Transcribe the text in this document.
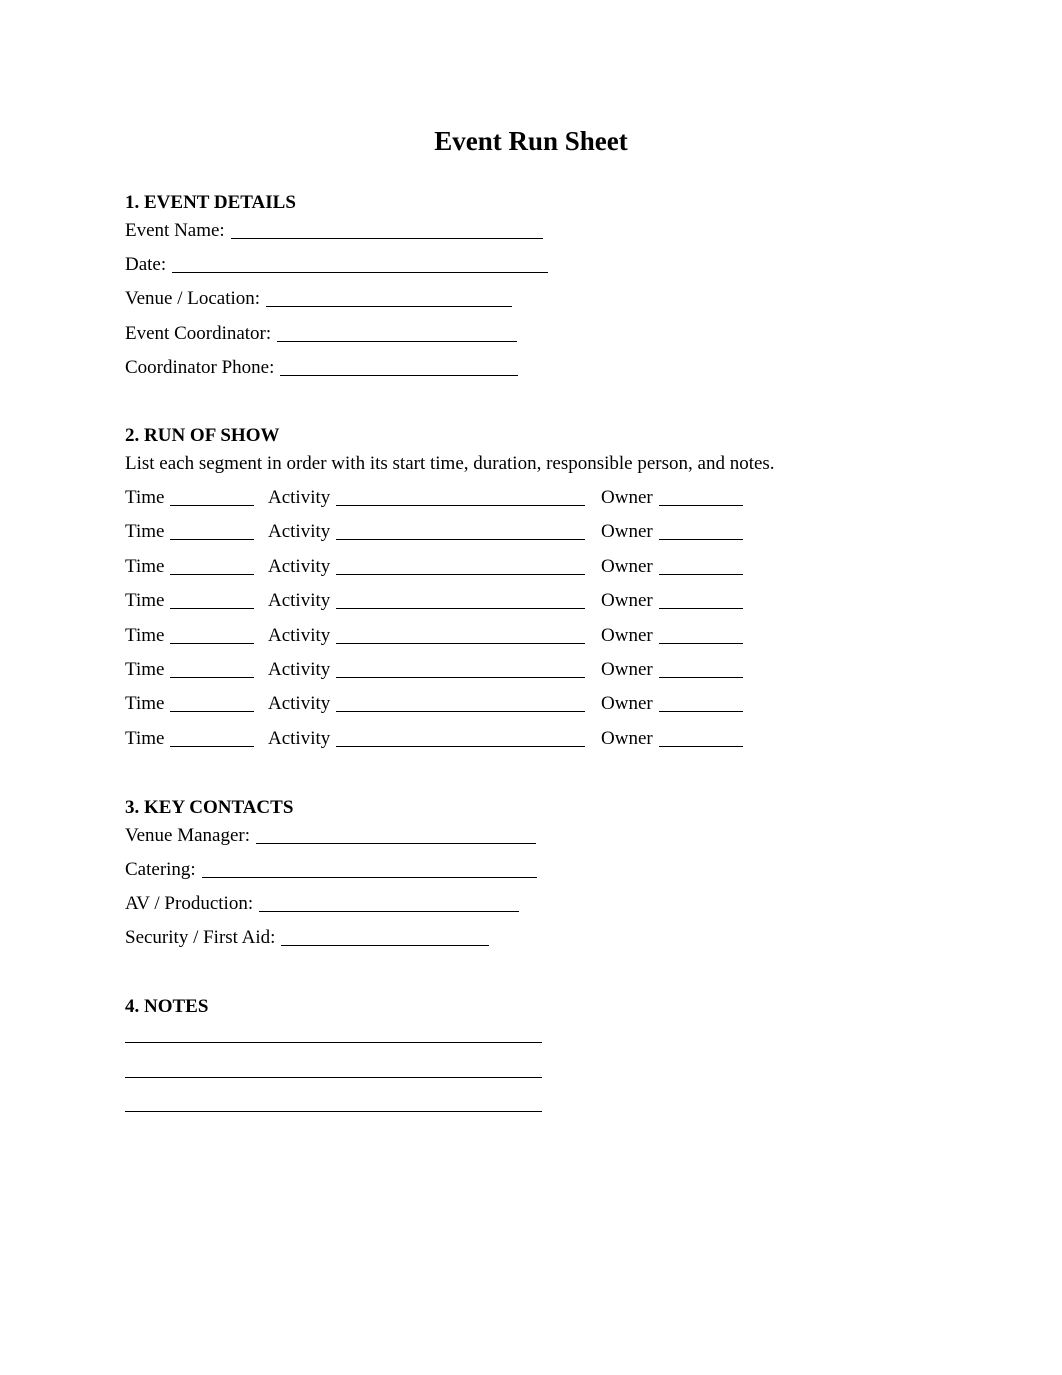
Event Run Sheet
1. EVENT DETAILS
Event Name:
Date:
Venue / Location:
Event Coordinator:
Coordinator Phone:
2. RUN OF SHOW
List each segment in order with its start time, duration, responsible person, and notes.
Time	Activity	Owner
Time	Activity	Owner
Time	Activity	Owner
Time	Activity	Owner
Time	Activity	Owner
Time	Activity	Owner
Time	Activity	Owner
Time	Activity	Owner
3. KEY CONTACTS
Venue Manager:
Catering:
AV / Production:
Security / First Aid:
4. NOTES
